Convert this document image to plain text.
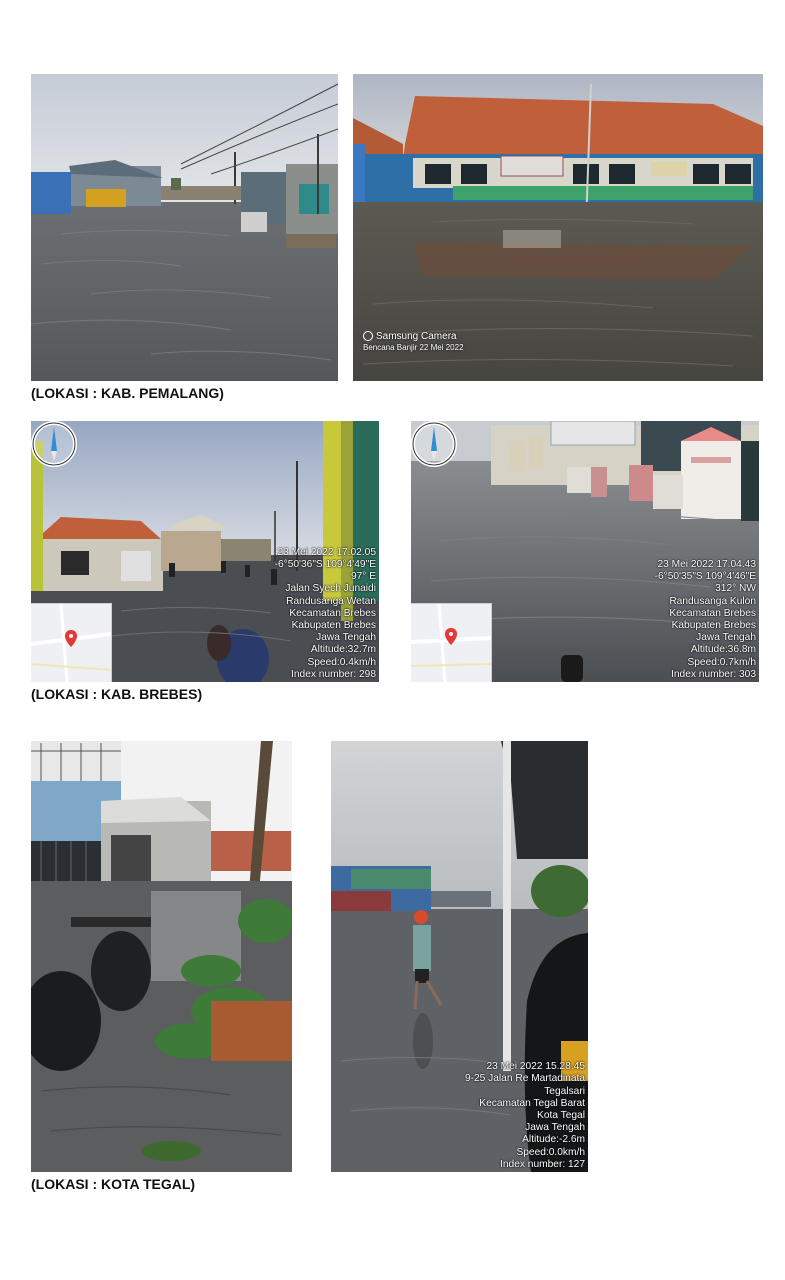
Samsung Camera
Bencana Banjir 22 Mei 2022
(LOKASI : KAB. PEMALANG)
23 Mei 2022 17.02.05
-6°50'36"S 109°4'49"E
97° E
Jalan Syech Junaidi
Randusanga Wetan
Kecamatan Brebes
Kabupaten Brebes
Jawa Tengah
Altitude:32.7m
Speed:0.4km/h
Index number: 298
23 Mei 2022 17.04.43
-6°50'35"S 109°4'46"E
312° NW
Randusanga Kulon
Kecamatan Brebes
Kabupaten Brebes
Jawa Tengah
Altitude:36.8m
Speed:0.7km/h
Index number: 303
(LOKASI : KAB. BREBES)
23 Mei 2022 15.28.45
9-25 Jalan Re Martadinata
Tegalsari
Kecamatan Tegal Barat
Kota Tegal
Jawa Tengah
Altitude:-2.6m
Speed:0.0km/h
Index number: 127
(LOKASI : KOTA TEGAL)
